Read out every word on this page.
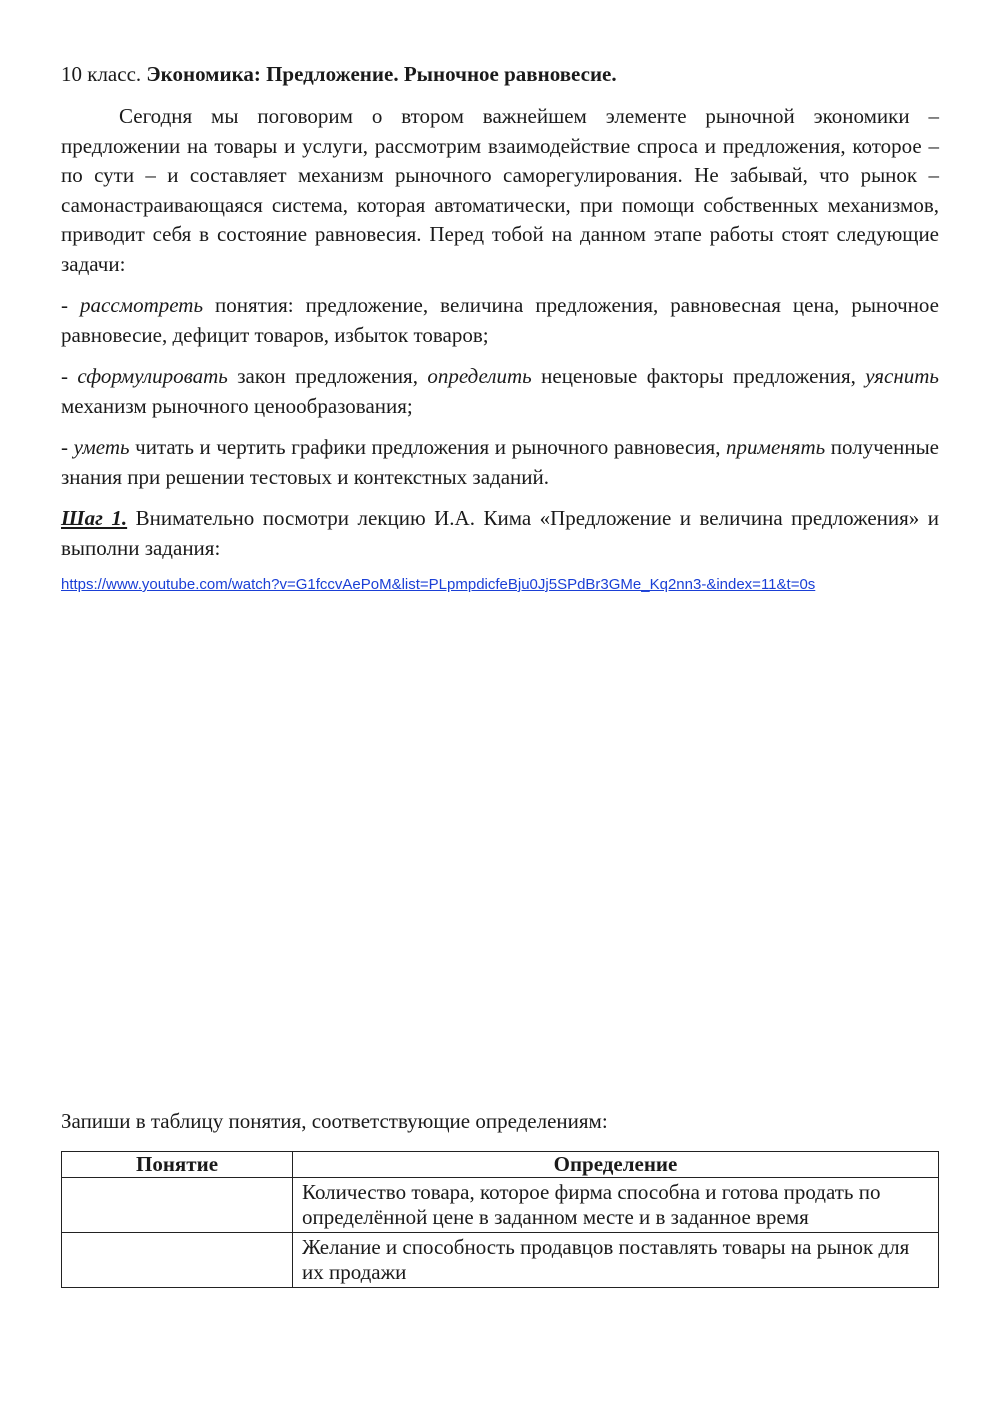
10 класс. Экономика: Предложение. Рыночное равновесие.

Сегодня мы поговорим о втором важнейшем элементе рыночной экономики – предложении на товары и услуги, рассмотрим взаимодействие спроса и предложения, которое – по сути – и составляет механизм рыночного саморегулирования. Не забывай, что рынок – самонастраивающаяся система, которая автоматически, при помощи собственных механизмов, приводит себя в состояние равновесия. Перед тобой на данном этапе работы стоят следующие задачи:

- рассмотреть понятия: предложение, величина предложения, равновесная цена, рыночное равновесие, дефицит товаров, избыток товаров;

- сформулировать закон предложения, определить неценовые факторы предложения, уяснить механизм рыночного ценообразования;

- уметь читать и чертить графики предложения и рыночного равновесия, применять полученные знания при решении тестовых и контекстных заданий.

Шаг 1. Внимательно посмотри лекцию И.А. Кима «Предложение и величина предложения» и выполни задания:

https://www.youtube.com/watch?v=G1fccvAePoM&list=PLpmpdicfeBju0Jj5SPdBr3GMe_Kq2nn3-&index=11&t=0s

Запиши в таблицу понятия, соответствующие определениям:

Понятие	Определение
	Количество товара, которое фирма способна и готова продать по определённой цене в заданном месте и в заданное время
	Желание и способность продавцов поставлять товары на рынок для их продажи
